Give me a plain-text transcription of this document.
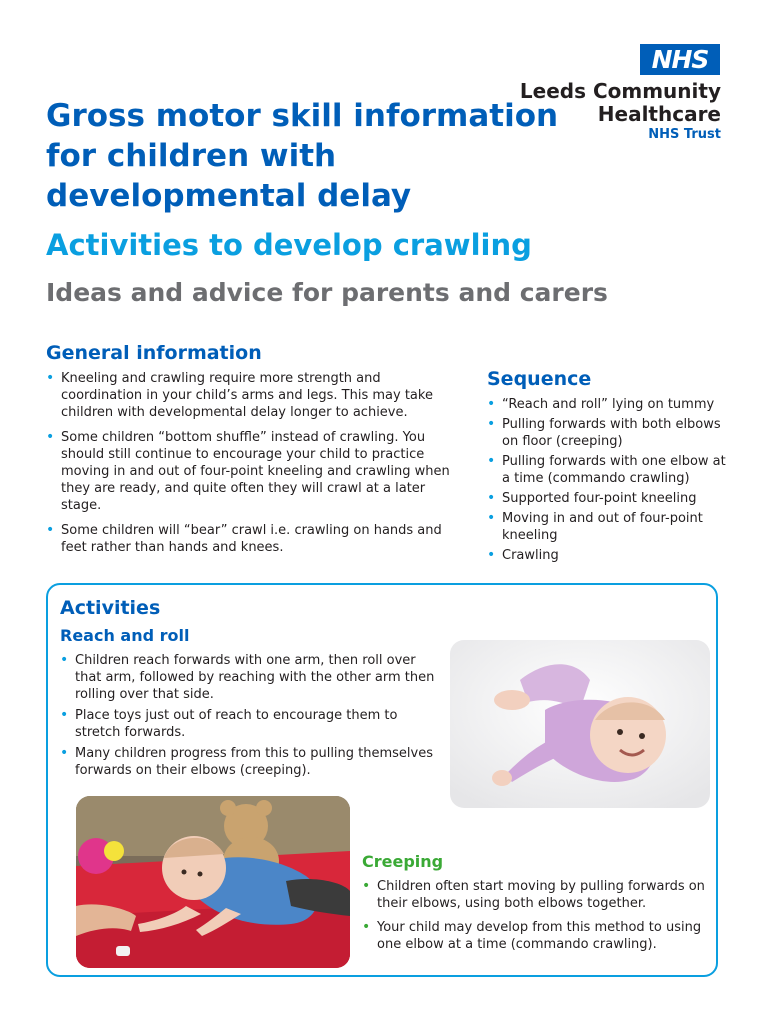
NHS
Leeds Community
Healthcare
NHS Trust
Gross motor skill information for children with developmental delay
Activities to develop crawling
Ideas and advice for parents and carers
General information
• Kneeling and crawling require more strength and coordination in your child’s arms and legs. This may take children with developmental delay longer to achieve.
• Some children “bottom shuffle” instead of crawling. You should still continue to encourage your child to practice moving in and out of four-point kneeling and crawling when they are ready, and quite often they will crawl at a later stage.
• Some children will “bear” crawl i.e. crawling on hands and feet rather than hands and knees.
Sequence
• “Reach and roll” lying on tummy
• Pulling forwards with both elbows on floor (creeping)
• Pulling forwards with one elbow at a time (commando crawling)
• Supported four-point kneeling
• Moving in and out of four-point kneeling
• Crawling
Activities
Reach and roll
• Children reach forwards with one arm, then roll over that arm, followed by reaching with the other arm then rolling over that side.
• Place toys just out of reach to encourage them to stretch forwards.
• Many children progress from this to pulling themselves forwards on their elbows (creeping).
Creeping
• Children often start moving by pulling forwards on their elbows, using both elbows together.
• Your child may develop from this method to using one elbow at a time (commando crawling).
